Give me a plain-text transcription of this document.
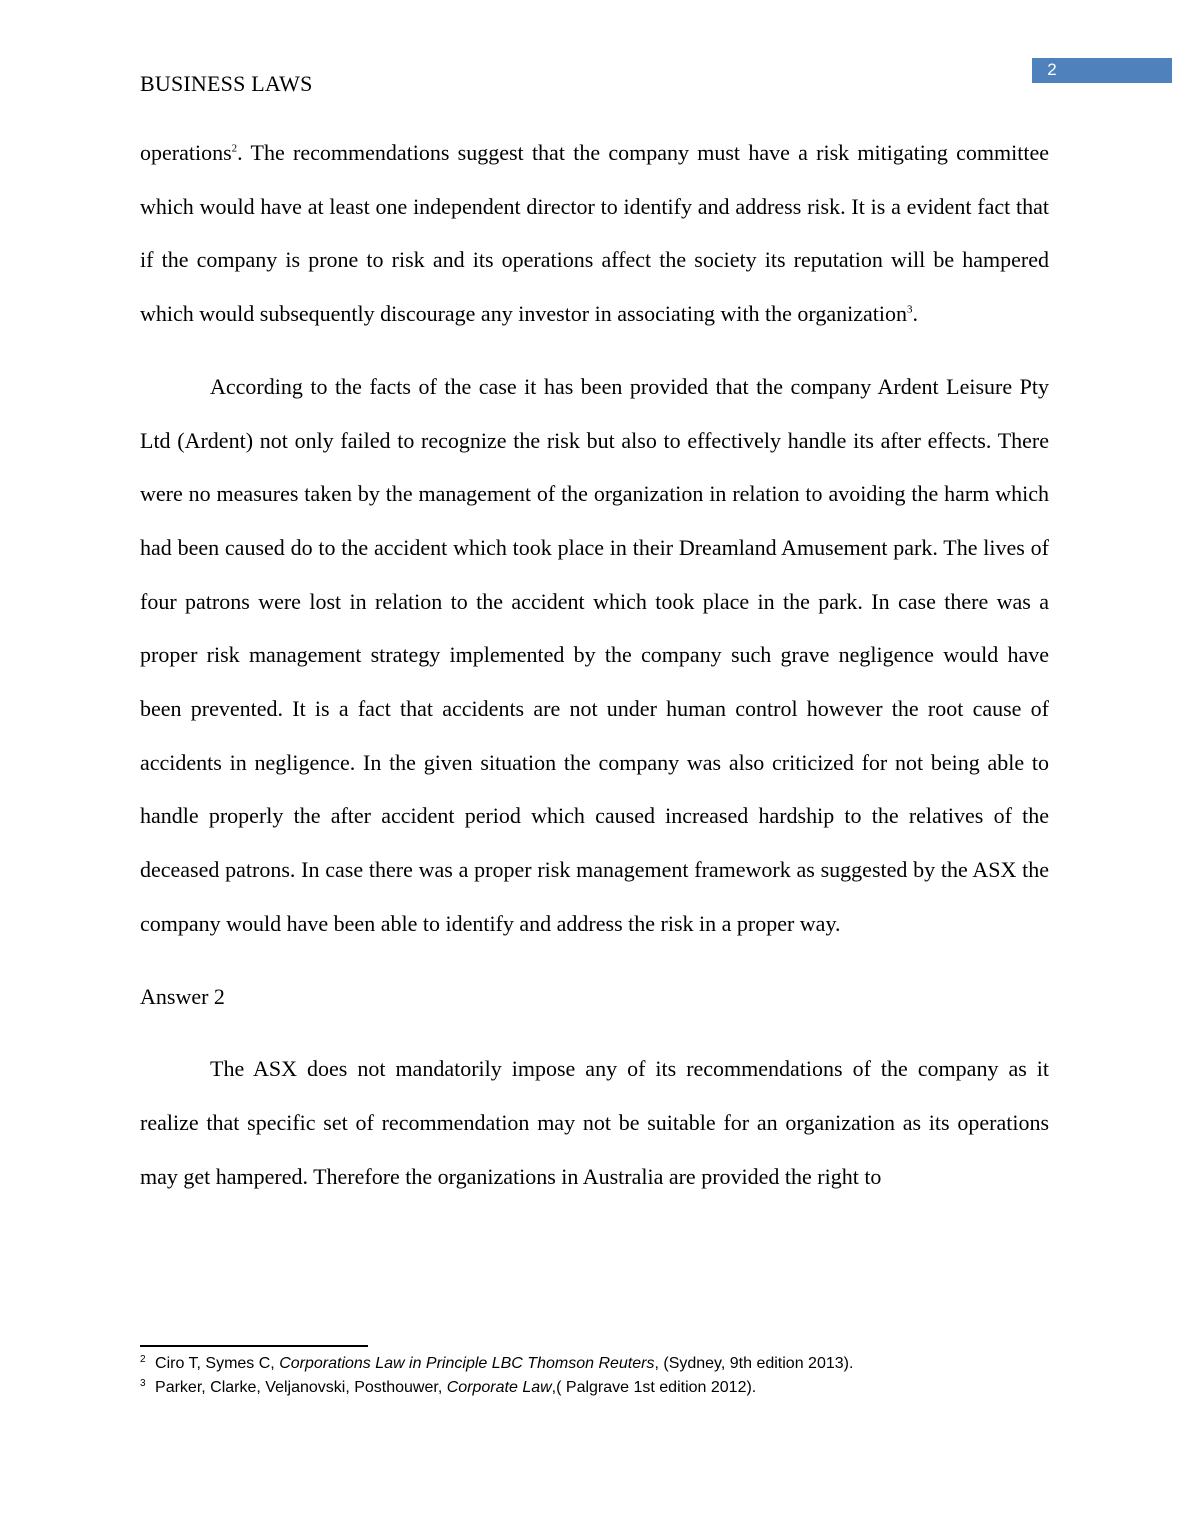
2
BUSINESS LAWS

operations$^2$. The recommendations suggest that the company must have a risk mitigating committee which would have at least one independent director to identify and address risk. It is a evident fact that if the company is prone to risk and its operations affect the society its reputation will be hampered which would subsequently discourage any investor in associating with the organization$^3$.

According to the facts of the case it has been provided that the company Ardent Leisure Pty Ltd (Ardent) not only failed to recognize the risk but also to effectively handle its after effects. There were no measures taken by the management of the organization in relation to avoiding the harm which had been caused do to the accident which took place in their Dreamland Amusement park. The lives of four patrons were lost in relation to the accident which took place in the park. In case there was a proper risk management strategy implemented by the company such grave negligence would have been prevented. It is a fact that accidents are not under human control however the root cause of accidents in negligence. In the given situation the company was also criticized for not being able to handle properly the after accident period which caused increased hardship to the relatives of the deceased patrons. In case there was a proper risk management framework as suggested by the ASX the company would have been able to identify and address the risk in a proper way.

Answer 2

The ASX does not mandatorily impose any of its recommendations of the company as it realize that specific set of recommendation may not be suitable for an organization as its operations may get hampered. Therefore the organizations in Australia are provided the right to

$^2$ Ciro T, Symes C, Corporations Law in Principle LBC Thomson Reuters, (Sydney, 9th edition 2013).
$^3$ Parker, Clarke, Veljanovski, Posthouwer, Corporate Law,( Palgrave 1st edition 2012).
